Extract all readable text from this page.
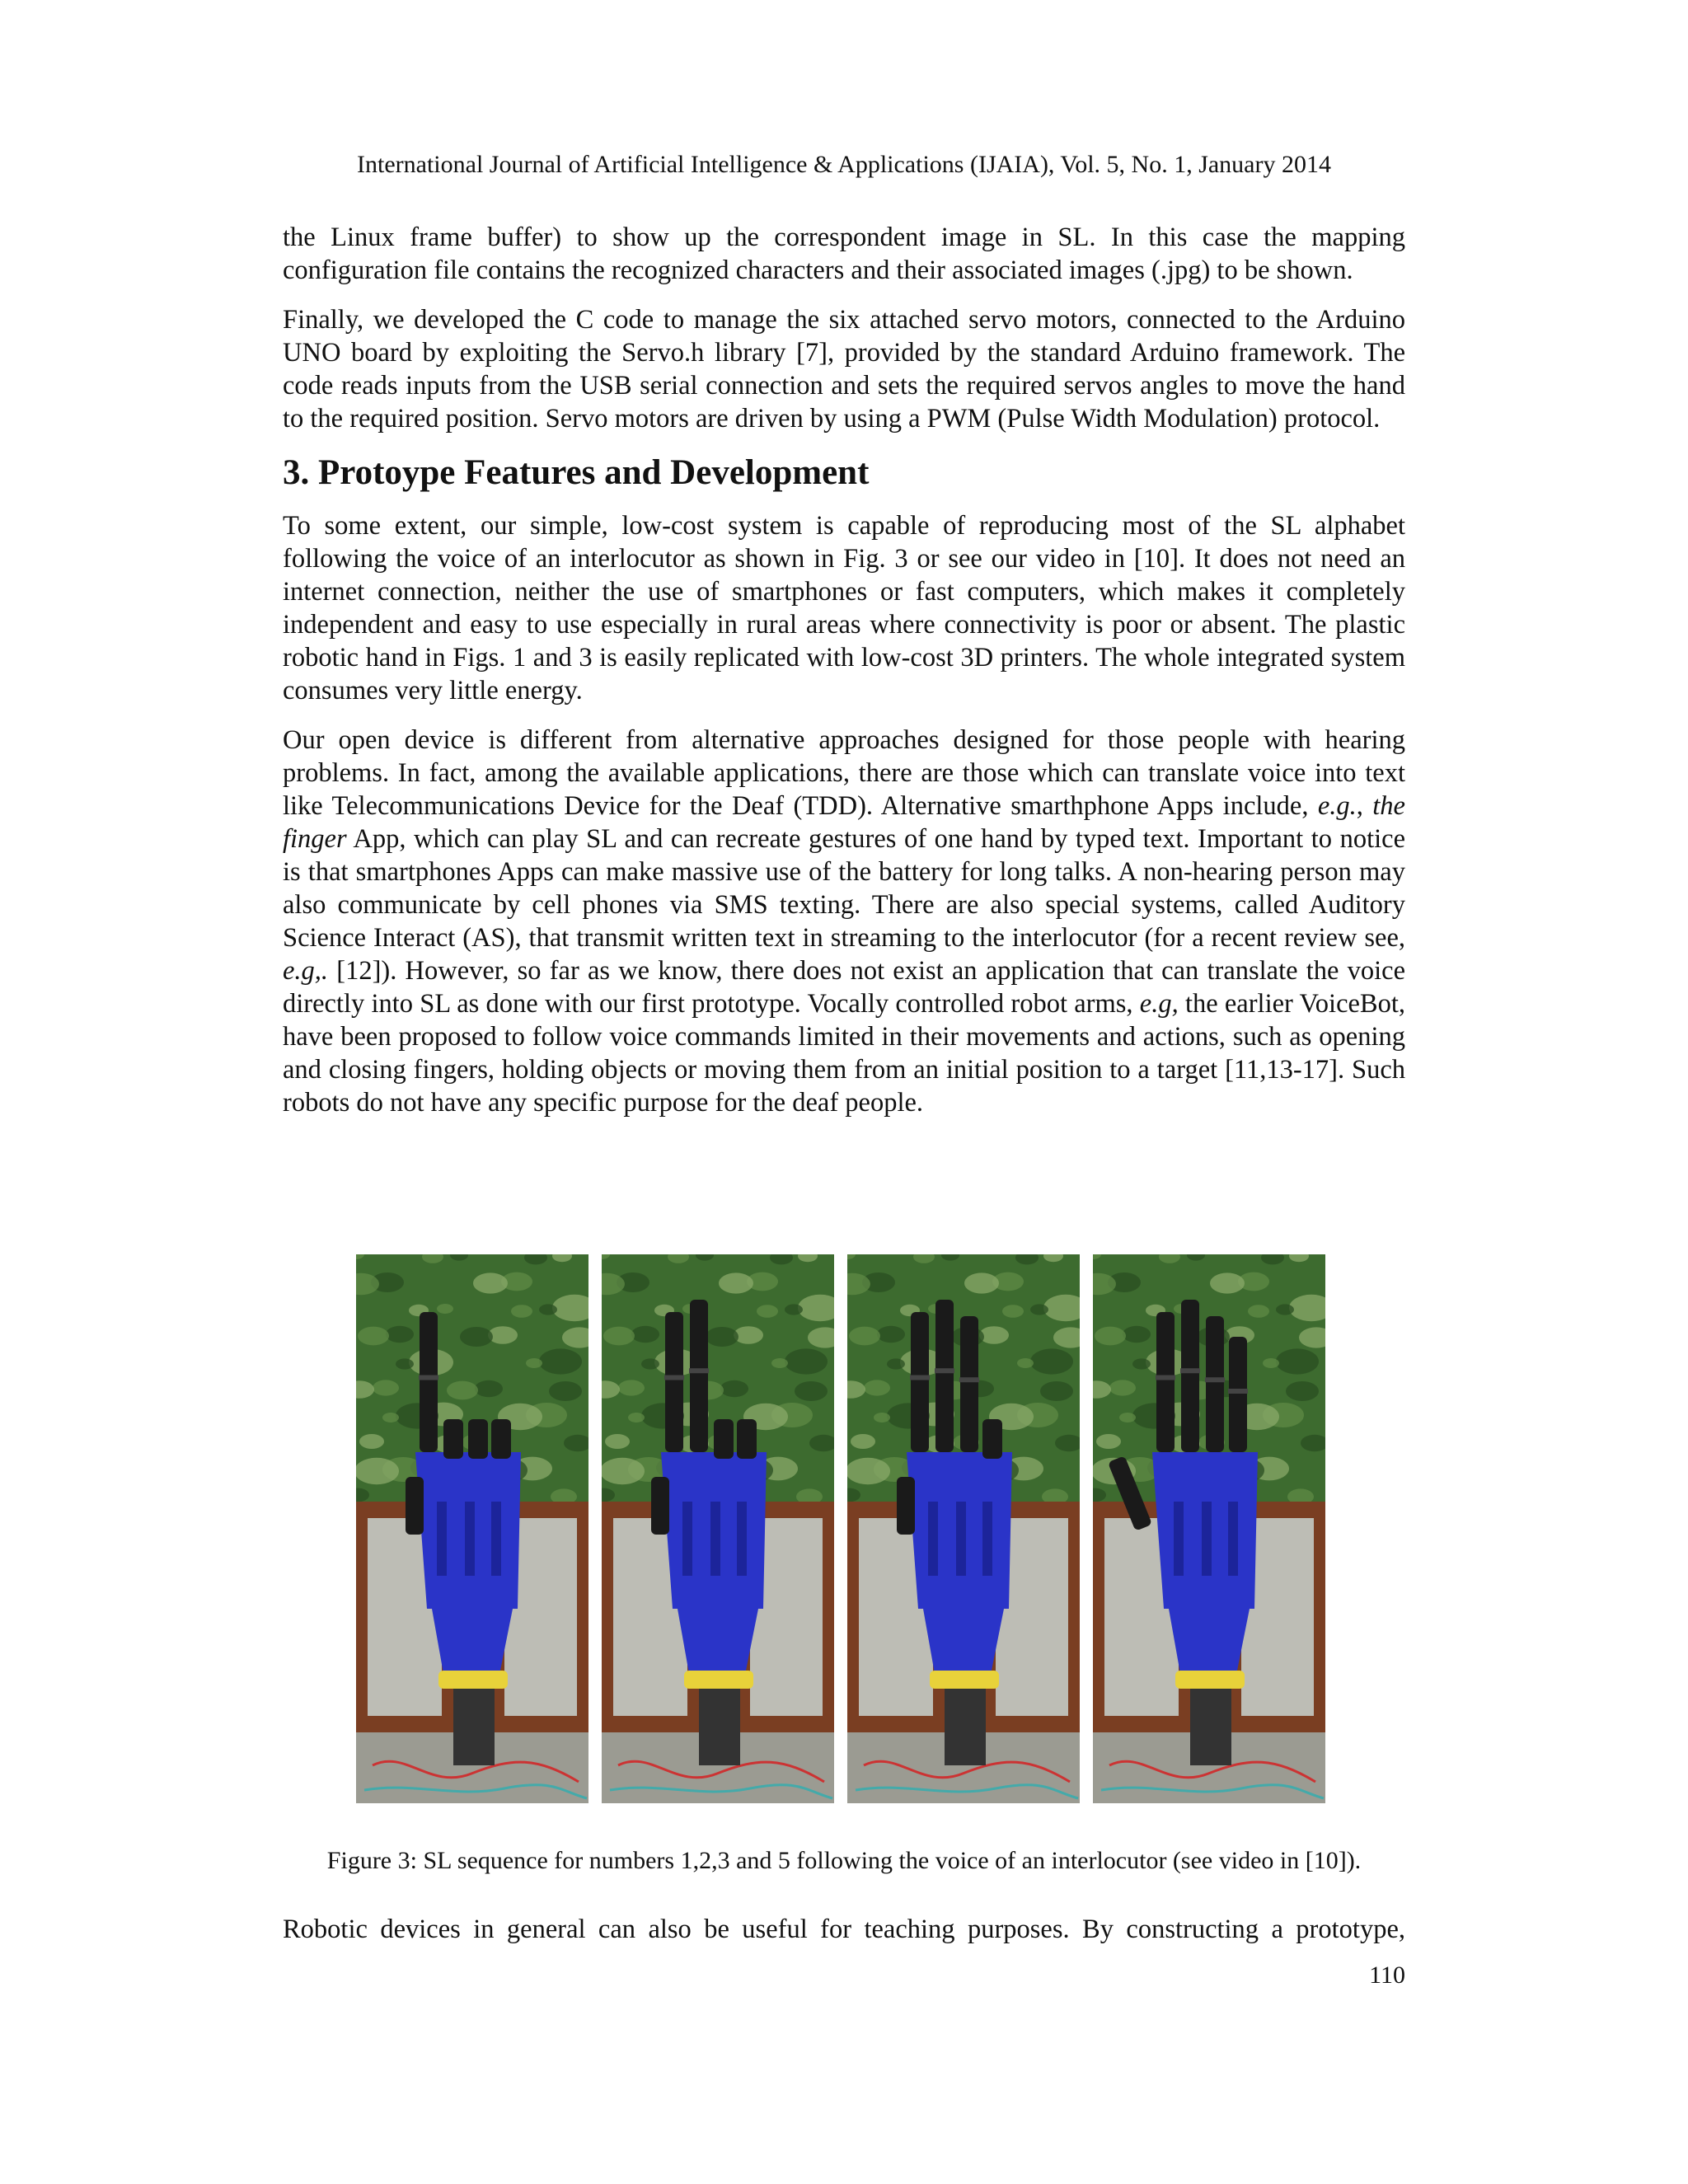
International Journal of Artificial Intelligence & Applications (IJAIA), Vol. 5, No. 1, January 2014

the Linux frame buffer) to show up the correspondent image in SL. In this case the mapping configuration file contains the recognized characters and their associated images (.jpg) to be shown.

Finally, we developed the C code to manage the six attached servo motors, connected to the Arduino UNO board by exploiting the Servo.h library [7], provided by the standard Arduino framework. The code reads inputs from the USB serial connection and sets the required servos angles to move the hand to the required position. Servo motors are driven by using a PWM (Pulse Width Modulation) protocol.

3. Protoype Features and Development

To some extent, our simple, low-cost system is capable of reproducing most of the SL alphabet following the voice of an interlocutor as shown in Fig. 3 or see our video in [10]. It does not need an internet connection, neither the use of smartphones or fast computers, which makes it completely independent and easy to use especially in rural areas where connectivity is poor or absent. The plastic robotic hand in Figs. 1 and 3 is easily replicated with low-cost 3D printers. The whole integrated system consumes very little energy.

Our open device is different from alternative approaches designed for those people with hearing problems. In fact, among the available applications, there are those which can translate voice into text like Telecommunications Device for the Deaf (TDD). Alternative smarthphone Apps include, e.g., the finger App, which can play SL and can recreate gestures of one hand by typed text. Important to notice is that smartphones Apps can make massive use of the battery for long talks. A non-hearing person may also communicate by cell phones via SMS texting. There are also special systems, called Auditory Science Interact (AS), that transmit written text in streaming to the interlocutor (for a recent review see, e.g,. [12]). However, so far as we know, there does not exist an application that can translate the voice directly into SL as done with our first prototype. Vocally controlled robot arms, e.g, the earlier VoiceBot, have been proposed to follow voice commands limited in their movements and actions, such as opening and closing fingers, holding objects or moving them from an initial position to a target [11,13-17]. Such robots do not have any specific purpose for the deaf people.

Figure 3: SL sequence for numbers 1,2,3 and 5 following the voice of an interlocutor (see video in [10]).
Robotic devices in general can also be useful for teaching purposes. By constructing a prototype,
110
